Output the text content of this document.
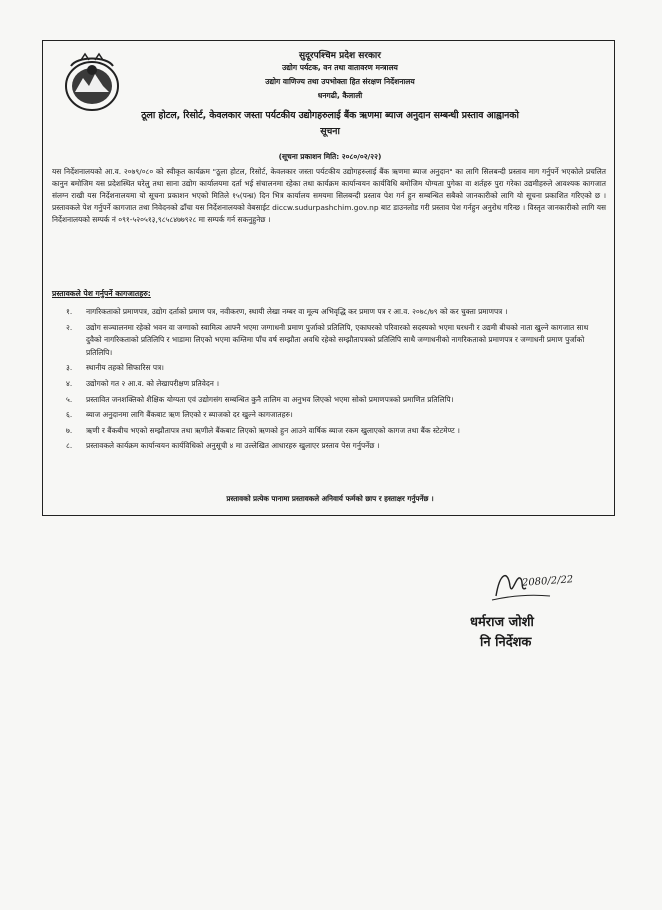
सुदूरपश्चिम प्रदेश सरकार
उद्योग पर्यटक, वन तथा वातावरण मन्त्रालय
उद्योग वाणिज्य तथा उपभोक्ता हित संरक्षण निर्देशनालय
धनगढी, कैलाली
ठूला होटल, रिसोर्ट, केवलकार जस्ता पर्यटकीय उद्योगहरुलाई बैंक ऋणमा ब्याज अनुदान सम्बन्धी प्रस्ताव आह्वानको
सूचना
(सूचना प्रकाशन मिति: २०८०/०२/२२)
यस निर्देशनालयको आ.व. २०७९/०८० को स्वीकृत कार्यक्रम "ठूला होटल, रिसोर्ट, केवलकार जस्ता पर्यटकीय उद्योगहरुलाई बैंक ऋणमा ब्याज अनुदान" का लागि सिलबन्दी प्रस्ताव माग गर्नुपर्ने भएकोले प्रचलित कानुन बमोजिम यस प्रदेशस्थित घरेलु तथा साना उद्योग कार्यालयमा दर्ता भई संचालनमा रहेका तथा कार्यक्रम कार्यान्वयन कार्यविधि बमोजिम योग्यता पुगेका वा शर्तहरु पुरा गरेका उद्यमीहरुले आवश्यक कागजात संलग्न राखी यस निर्देशनालयमा यो सूचना प्रकाशन भएको मितिले १५(पन्ध्र) दिन भित्र कार्यालय समयमा सिलबन्दी प्रस्ताव पेश गर्न हुन सम्बन्धित सबैको जानकारीको लागि यो सूचना प्रकाशित गरिएको छ । प्रस्तावकले पेश गर्नुपर्ने कागजात तथा निवेदनको ढाँचा यस निर्देशनालयको वेबसाईट diccw.sudurpashchim.gov.np बाट डाउनलोड गरी प्रस्ताव पेश गर्नहुन अनुरोध गरिन्छ । विस्तृत जानकारीको लागि यस निर्देशनालयको सम्पर्क नं ०९१-५२०५१३,९८५८४७७९२८ मा सम्पर्क गर्न सकनुहुनेछ ।
प्रस्तावकले पेश गर्नुपर्ने कागजातहरु:
१.	नागरिकताको प्रमाणपत्र, उद्योग दर्ताको प्रमाण पत्र, नवीकरण, स्थायी लेखा नम्बर वा मूल्य अभिवृद्धि कर प्रमाण पत्र र आ.व. २०७८/७९ को कर चुक्ता प्रमाणपत्र ।
२.	उद्योग सञ्चालनमा रहेको भवन वा जग्गाको स्वामित्व आफ्नै भएमा जग्गाधनी प्रमाण पुर्जाको प्रतिलिपि, एकाघरको परिवारको सदस्यको भएमा घरधनी र उद्यमी बीचको नाता खुल्ने कागजात साथ दुवैको नागरिकताको प्रतिलिपि र भाडामा लिएको भएमा कम्तिमा पाँच वर्ष सम्झौता अवधि रहेको सम्झौतापत्रको प्रतिलिपि साथै जग्गाधनीको नागरिकताको प्रमाणपत्र र जग्गाधनी प्रमाण पुर्जाको प्रतिलिपि।
३.	स्थानीय तहको सिफारिस पत्र।
४.	उद्योगको गत २ आ.व. को लेखापरीक्षण प्रतिवेदन ।
५.	प्रस्तावित जनशक्तिको शैक्षिक योग्यता एवं उद्योगसंग सम्बन्धित कुनै तालिम वा अनुभव लिएको भएमा सोको प्रमाणपत्रको प्रमाणित प्रतिलिपि।
६.	ब्याज अनुदानमा लागि बैंकबाट ऋण लिएको र ब्याजको दर खुल्ने कागजातहरु।
७.	ऋणी र बैंकबीच भएको सम्झौतापत्र तथा ऋणीले बैंकबाट लिएको ऋणको हुन आउने वार्षिक ब्याज रकम खुलाएको कागज तथा बैंक स्टेटमेण्ट ।
८.	प्रस्तावकले कार्यक्रम कार्यान्वयन कार्यविधिको अनुसूची ४ मा उल्लेखित आधारहरु खुलाएर प्रस्ताव पेस गर्नुपर्नेछ ।
प्रस्तावको प्रत्येक पानामा प्रस्तावकले अनिवार्य फर्मको छाप र हस्ताक्षर गर्नुपर्नेछ ।
2080/2/22
धर्मराज जोशी
नि निर्देशक
